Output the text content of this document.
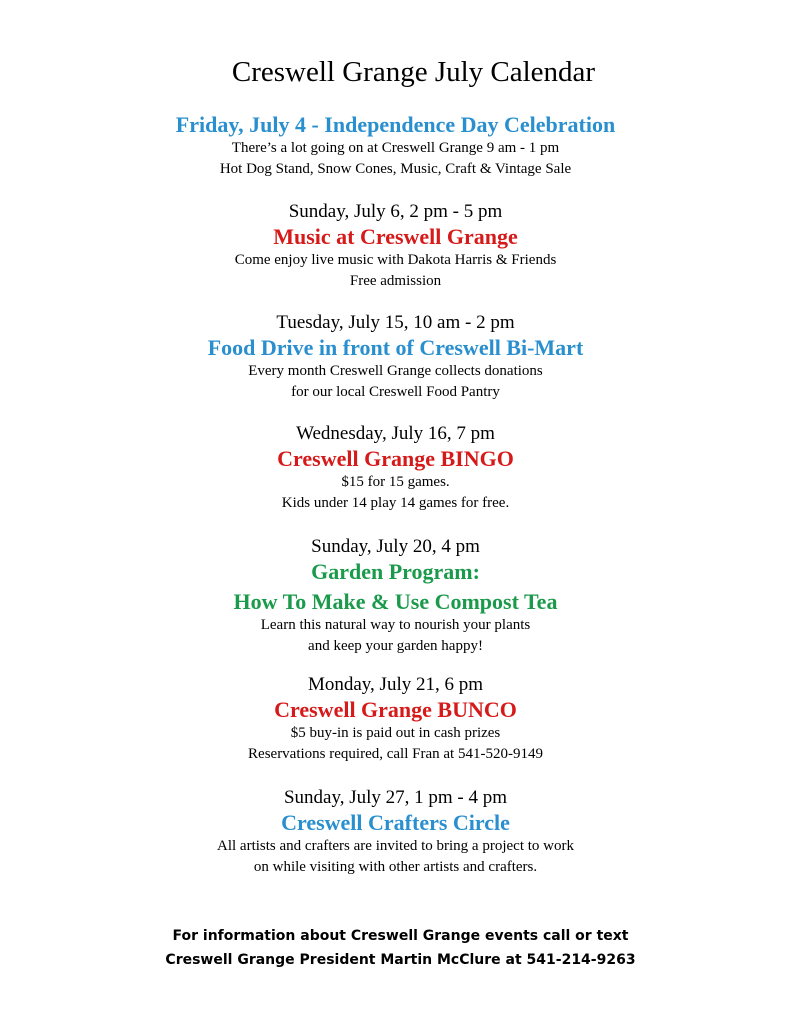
Creswell Grange July Calendar

Friday, July 4 - Independence Day Celebration

There’s a lot going on at Creswell Grange 9 am - 1 pm

Hot Dog Stand, Snow Cones, Music, Craft & Vintage Sale

Sunday, July 6, 2 pm - 5 pm

Music at Creswell Grange

Come enjoy live music with Dakota Harris & Friends

Free admission

Tuesday, July 15, 10 am - 2 pm

Food Drive in front of Creswell Bi-Mart

Every month Creswell Grange collects donations

for our local Creswell Food Pantry

Wednesday, July 16, 7 pm

Creswell Grange BINGO

$15 for 15 games.

Kids under 14 play 14 games for free.

Sunday, July 20, 4 pm

Garden Program:

How To Make & Use Compost Tea

Learn this natural way to nourish your plants

and keep your garden happy!

Monday, July 21, 6 pm

Creswell Grange BUNCO

$5 buy-in is paid out in cash prizes

Reservations required, call Fran at 541-520-9149

Sunday, July 27, 1 pm - 4 pm

Creswell Crafters Circle

All artists and crafters are invited to bring a project to work

on while visiting with other artists and crafters.

For information about Creswell Grange events call or text

Creswell Grange President Martin McClure at 541-214-9263
